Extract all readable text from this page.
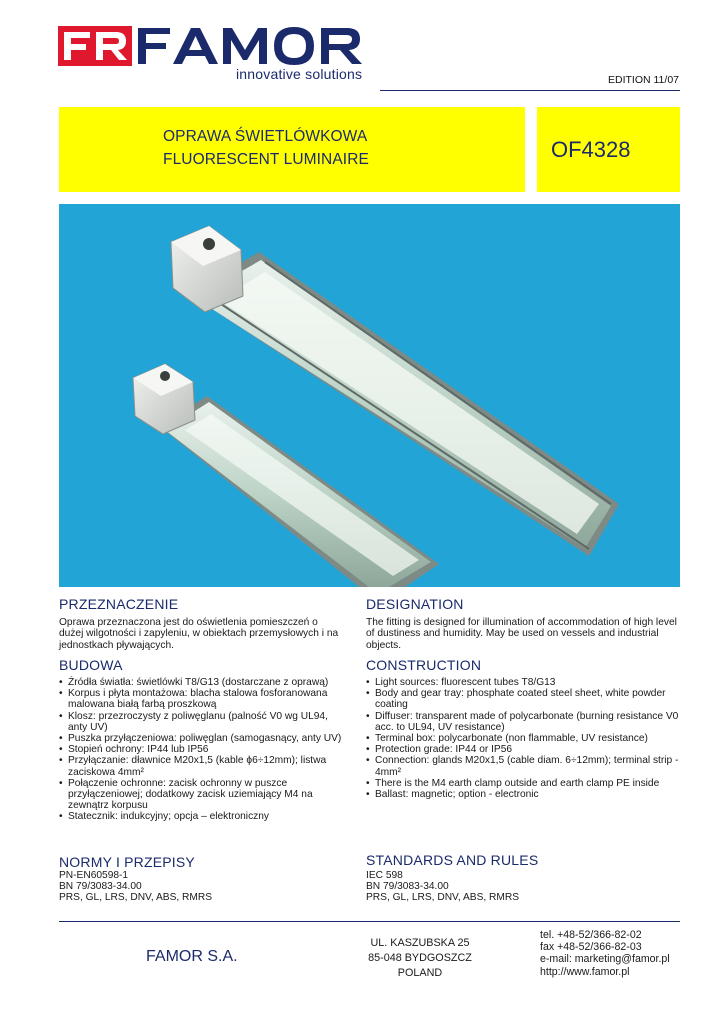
innovative solutions	EDITION 11/07
OPRAWA ŚWIETLÓWKOWA
FLUORESCENT LUMINAIRE	OF4328
PRZEZNACZENIE
Oprawa przeznaczona jest do oświetlenia pomieszczeń o dużej wilgotności i zapyleniu, w obiektach przemysłowych i na jednostkach pływających.
BUDOWA
• Źródła światła: świetlówki T8/G13 (dostarczane z oprawą)
• Korpus i płyta montażowa: blacha stalowa fosforanowana malowana białą farbą proszkową
• Klosz: przezroczysty z poliwęglanu (palność V0 wg UL94, anty UV)
• Puszka przyłączeniowa: poliwęglan (samogasnący, anty UV)
• Stopień ochrony: IP44 lub IP56
• Przyłączanie: dławnice M20x1,5 (kable ϕ6÷12mm); listwa zaciskowa 4mm²
• Połączenie ochronne: zacisk ochronny w puszce przyłączeniowej; dodatkowy zacisk uziemiający M4 na zewnątrz korpusu
• Statecznik: indukcyjny; opcja – elektroniczny
NORMY I PRZEPISY
PN-EN60598-1
BN 79/3083-34.00
PRS, GL, LRS, DNV, ABS, RMRS
DESIGNATION
The fitting is designed for illumination of accommodation of high level of dustiness and humidity. May be used on vessels and industrial objects.
CONSTRUCTION
• Light sources: fluorescent tubes T8/G13
• Body and gear tray: phosphate coated steel sheet, white powder coating
• Diffuser: transparent made of polycarbonate (burning resistance V0 acc. to UL94, UV resistance)
• Terminal box: polycarbonate (non flammable, UV resistance)
• Protection grade: IP44 or IP56
• Connection: glands M20x1,5 (cable diam. 6÷12mm); terminal strip - 4mm²
• There is the M4 earth clamp outside and earth clamp PE inside
• Ballast: magnetic; option - electronic
STANDARDS AND RULES
IEC 598
BN 79/3083-34.00
PRS, GL, LRS, DNV, ABS, RMRS
FAMOR S.A.
UL. KASZUBSKA 25
85-048 BYDGOSZCZ
POLAND
tel. +48-52/366-82-02
fax +48-52/366-82-03
e-mail: marketing@famor.pl
http://www.famor.pl
